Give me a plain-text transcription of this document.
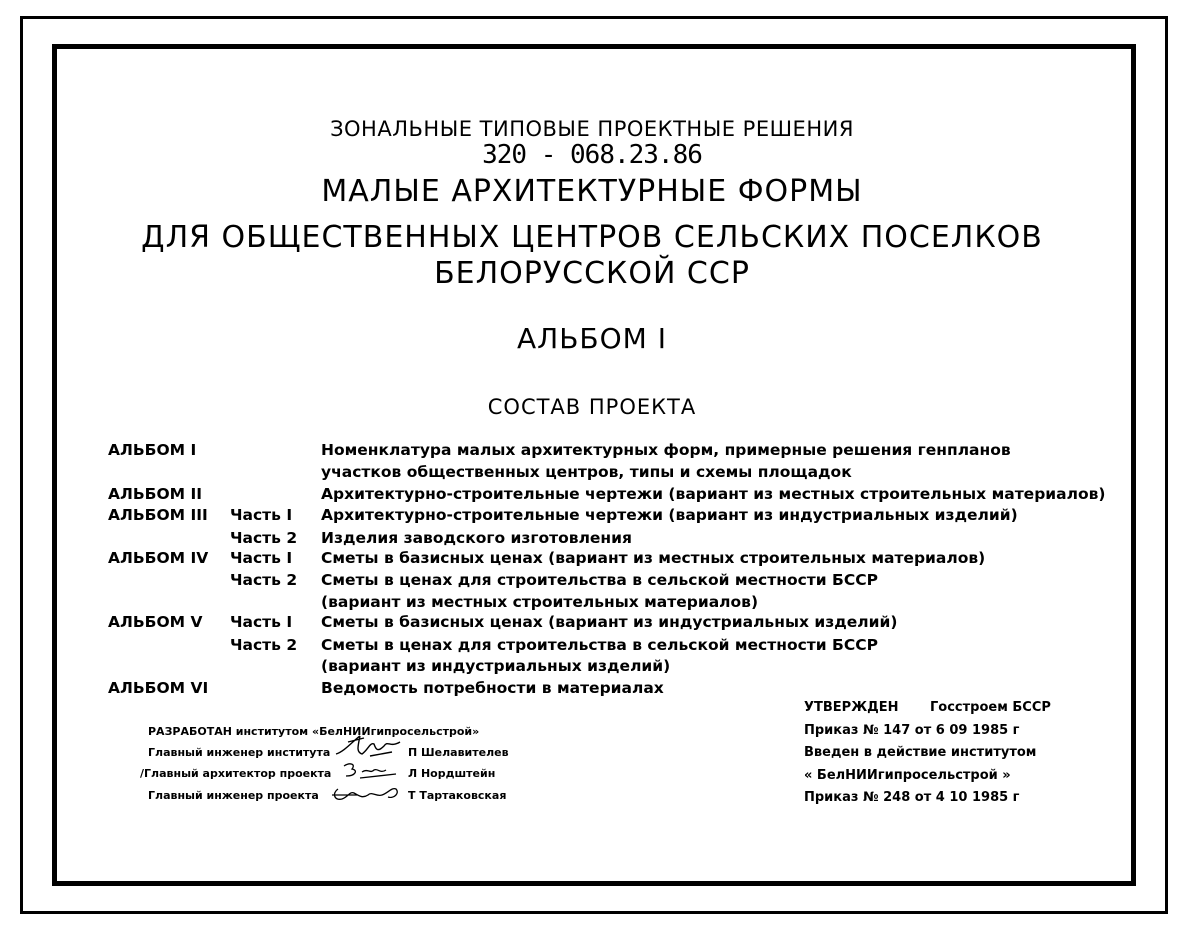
ЗОНАЛЬНЫЕ ТИПОВЫЕ ПРОЕКТНЫЕ РЕШЕНИЯ
320 - 068.23.86
МАЛЫЕ АРХИТЕКТУРНЫЕ ФОРМЫ
ДЛЯ ОБЩЕСТВЕННЫХ ЦЕНТРОВ СЕЛЬСКИХ ПОСЕЛКОВ
БЕЛОРУССКОЙ ССР
АЛЬБОМ I
СОСТАВ ПРОЕКТА
АЛЬБОМ I	Номенклатура малых архитектурных форм, примерные решения генпланов
участков общественных центров, типы и схемы площадок
АЛЬБОМ II	Архитектурно-строительные чертежи (вариант из местных строительных материалов)
АЛЬБОМ III Часть I Архитектурно-строительные чертежи (вариант из индустриальных изделий)
Часть 2 Изделия заводского изготовления
АЛЬБОМ IV Часть I Сметы в базисных ценах (вариант из местных строительных материалов)
Часть 2 Сметы в ценах для строительства в сельской местности БССР
(вариант из местных строительных материалов)
АЛЬБОМ V Часть I Сметы в базисных ценах (вариант из индустриальных изделий)
Часть 2 Сметы в ценах для строительства в сельской местности БССР
(вариант из индустриальных изделий)
АЛЬБОМ VI	Ведомость потребности в материалах
РАЗРАБОТАН институтом «БелНИИгипросельстрой»
Главный инженер института	П Шелавителев
/Главный архитектор проекта	Л Нордштейн
Главный инженер проекта	Т Тартаковская
УТВЕРЖДЕН Госстроем БССР
Приказ № 147 от 6 09 1985 г
Введен в действие институтом
« БелНИИгипросельстрой »
Приказ № 248 от 4 10 1985 г
